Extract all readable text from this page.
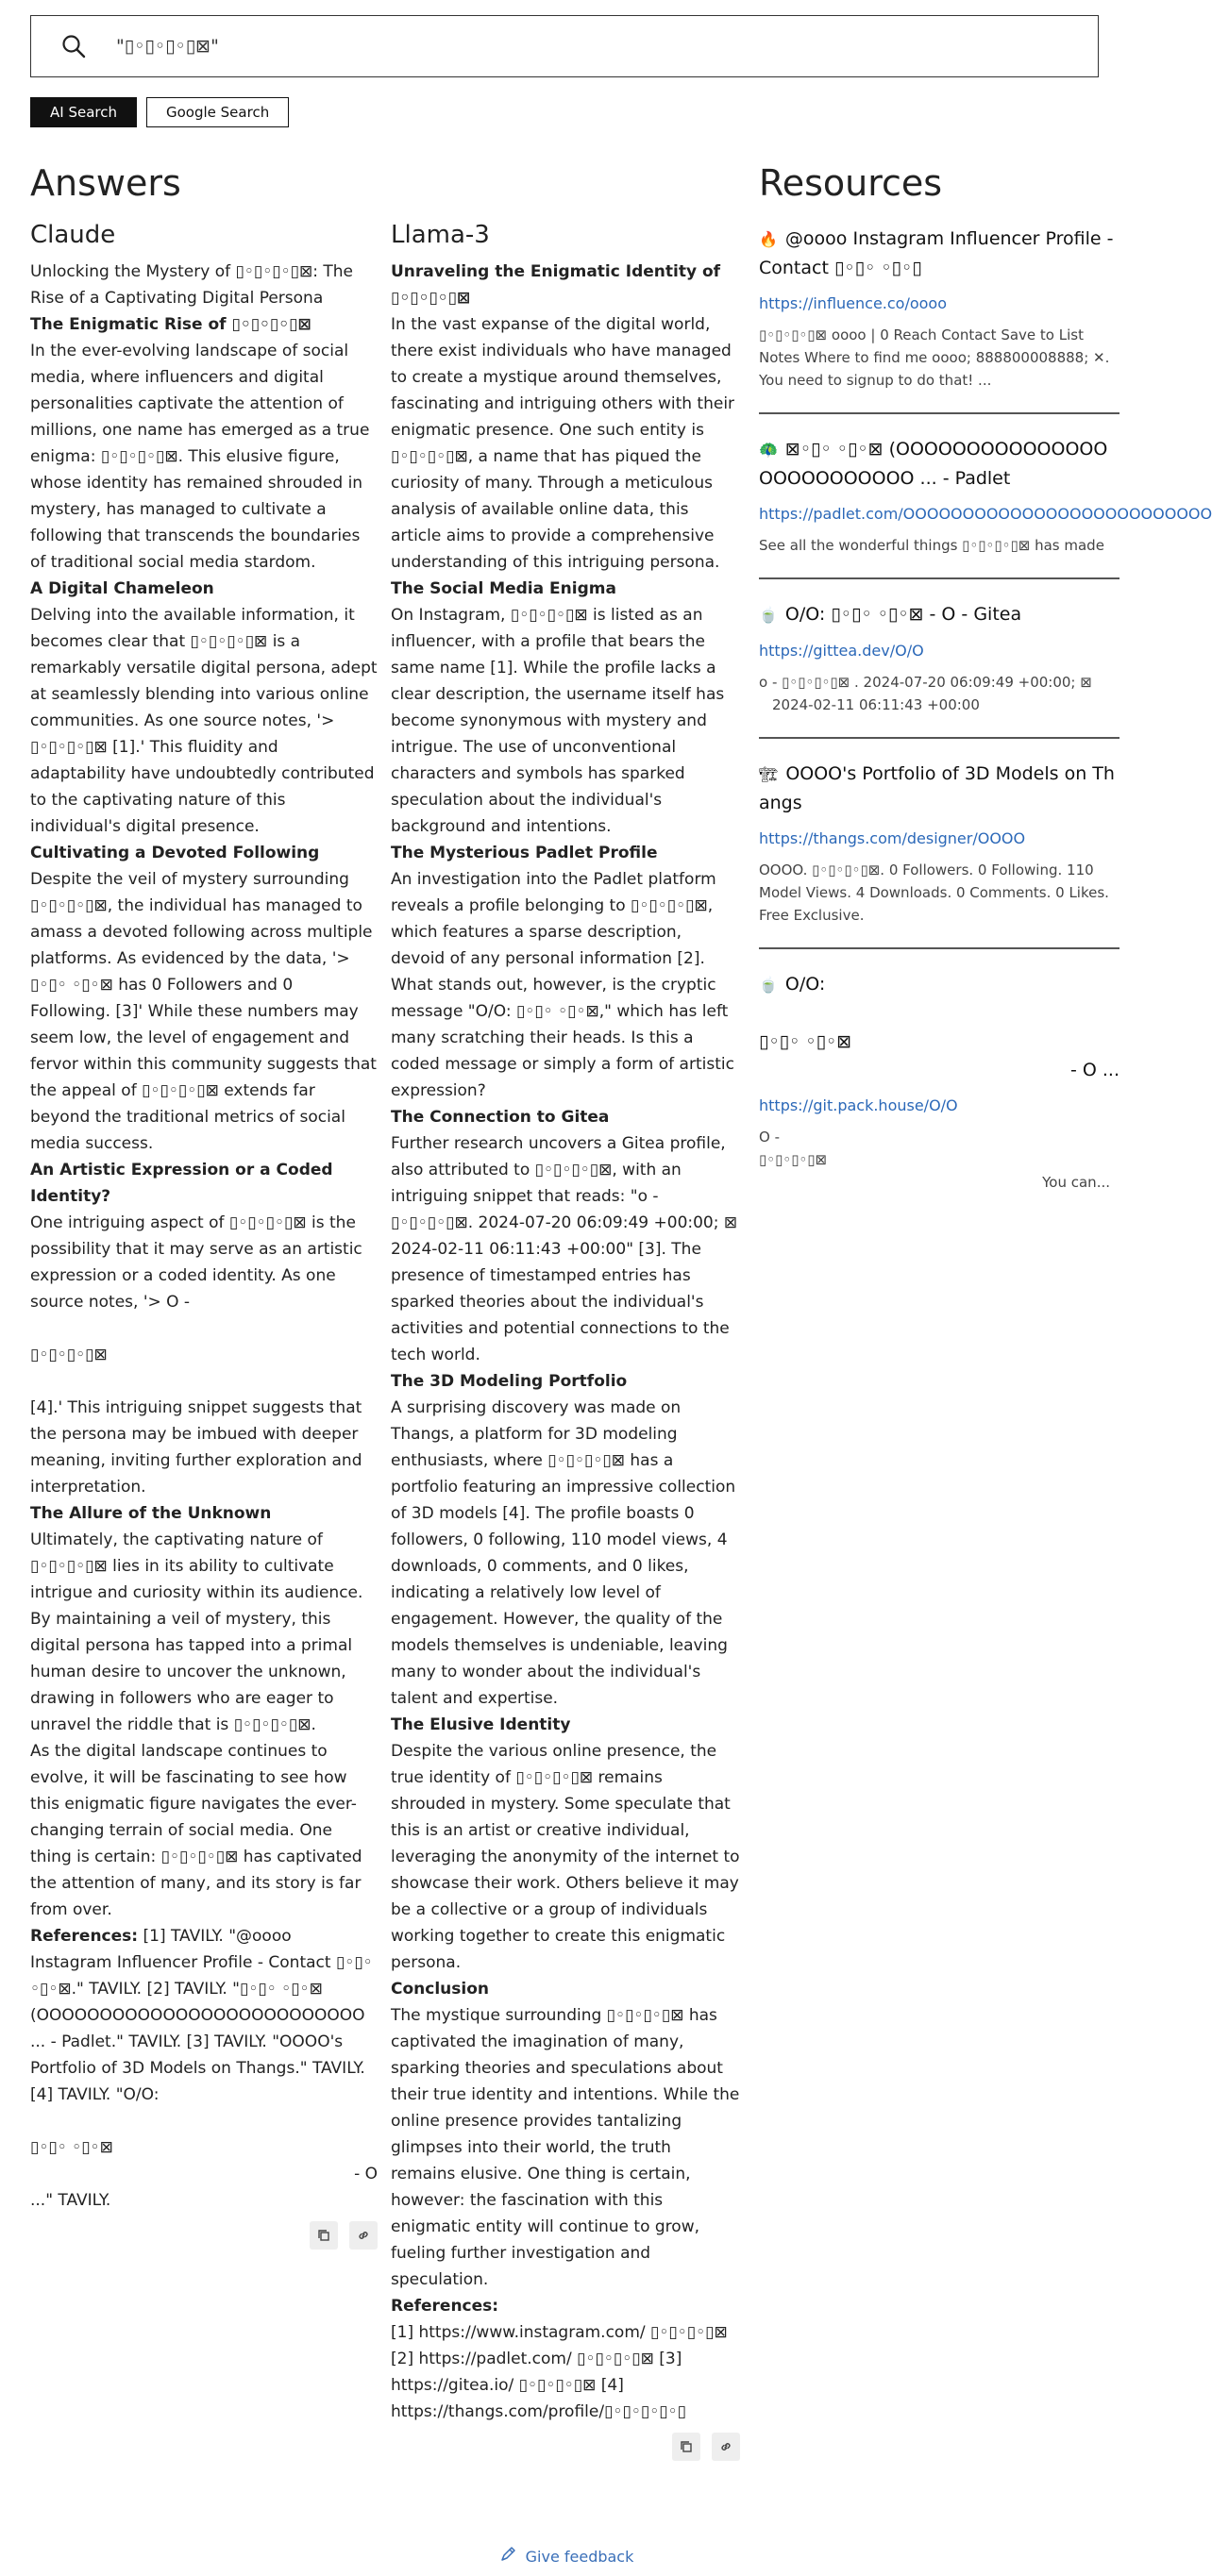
"▯◦▯◦▯◦▯⊠"
AI Search	Google Search
Answers	Resources
Claude

Unlocking the Mystery of ▯◦▯◦▯◦▯⊠: The Rise of a Captivating Digital Persona

The Enigmatic Rise of ▯◦▯◦▯◦▯⊠

In the ever-evolving landscape of social media, where influencers and digital personalities captivate the attention of millions, one name has emerged as a true enigma: ▯◦▯◦▯◦▯⊠. This elusive figure, whose identity has remained shrouded in mystery, has managed to cultivate a following that transcends the boundaries of traditional social media stardom.

A Digital Chameleon

Delving into the available information, it becomes clear that ▯◦▯◦▯◦▯⊠ is a remarkably versatile digital persona, adept at seamlessly blending into various online communities. As one source notes, '> ▯◦▯◦▯◦▯⊠ [1].' This fluidity and adaptability have undoubtedly contributed to the captivating nature of this individual's digital presence.

Cultivating a Devoted Following

Despite the veil of mystery surrounding ▯◦▯◦▯◦▯⊠, the individual has managed to amass a devoted following across multiple platforms. As evidenced by the data, '> ▯◦▯◦ ◦▯◦⊠ has 0 Followers and 0 Following. [3]' While these numbers may seem low, the level of engagement and fervor within this community suggests that the appeal of ▯◦▯◦▯◦▯⊠ extends far beyond the traditional metrics of social media success.

An Artistic Expression or a Coded Identity?

One intriguing aspect of ▯◦▯◦▯◦▯⊠ is the possibility that it may serve as an artistic expression or a coded identity. As one source notes, '> O -

▯◦▯◦▯◦▯⊠

[4].' This intriguing snippet suggests that the persona may be imbued with deeper meaning, inviting further exploration and interpretation.

The Allure of the Unknown

Ultimately, the captivating nature of ▯◦▯◦▯◦▯⊠ lies in its ability to cultivate intrigue and curiosity within its audience. By maintaining a veil of mystery, this digital persona has tapped into a primal human desire to uncover the unknown, drawing in followers who are eager to unravel the riddle that is ▯◦▯◦▯◦▯⊠.

As the digital landscape continues to evolve, it will be fascinating to see how this enigmatic figure navigates the ever-changing terrain of social media. One thing is certain: ▯◦▯◦▯◦▯⊠ has captivated the attention of many, and its story is far from over.

References: [1] TAVILY. "@oooo Instagram Influencer Profile - Contact ▯◦▯◦ ◦▯◦⊠." TAVILY. [2] TAVILY. "▯◦▯◦ ◦▯◦⊠ (OOOOOOOOOOOOOOOOOOOOOOOOOO ... - Padlet." TAVILY. [3] TAVILY. "OOOO's Portfolio of 3D Models on Thangs." TAVILY. [4] TAVILY. "O/O:

▯◦▯◦ ◦▯◦⊠

- O

..." TAVILY.

Llama-3

Unraveling the Enigmatic Identity of ▯◦▯◦▯◦▯⊠

In the vast expanse of the digital world, there exist individuals who have managed to create a mystique around themselves, fascinating and intriguing others with their enigmatic presence. One such entity is ▯◦▯◦▯◦▯⊠, a name that has piqued the curiosity of many. Through a meticulous analysis of available online data, this article aims to provide a comprehensive understanding of this intriguing persona.

The Social Media Enigma

On Instagram, ▯◦▯◦▯◦▯⊠ is listed as an influencer, with a profile that bears the same name [1]. While the profile lacks a clear description, the username itself has become synonymous with mystery and intrigue. The use of unconventional characters and symbols has sparked speculation about the individual's background and intentions.

The Mysterious Padlet Profile

An investigation into the Padlet platform reveals a profile belonging to ▯◦▯◦▯◦▯⊠, which features a sparse description, devoid of any personal information [2]. What stands out, however, is the cryptic message "O/O: ▯◦▯◦ ◦▯◦⊠," which has left many scratching their heads. Is this a coded message or simply a form of artistic expression?

The Connection to Gitea

Further research uncovers a Gitea profile, also attributed to ▯◦▯◦▯◦▯⊠, with an intriguing snippet that reads: "o - ▯◦▯◦▯◦▯⊠. 2024-07-20 06:09:49 +00:00; ⊠ 2024-02-11 06:11:43 +00:00" [3]. The presence of timestamped entries has sparked theories about the individual's activities and potential connections to the tech world.

The 3D Modeling Portfolio

A surprising discovery was made on Thangs, a platform for 3D modeling enthusiasts, where ▯◦▯◦▯◦▯⊠ has a portfolio featuring an impressive collection of 3D models [4]. The profile boasts 0 followers, 0 following, 110 model views, 4 downloads, 0 comments, and 0 likes, indicating a relatively low level of engagement. However, the quality of the models themselves is undeniable, leaving many to wonder about the individual's talent and expertise.

The Elusive Identity

Despite the various online presence, the true identity of ▯◦▯◦▯◦▯⊠ remains shrouded in mystery. Some speculate that this is an artist or creative individual, leveraging the anonymity of the internet to showcase their work. Others believe it may be a collective or a group of individuals working together to create this enigmatic persona.

Conclusion

The mystique surrounding ▯◦▯◦▯◦▯⊠ has captivated the imagination of many, sparking theories and speculations about their true identity and intentions. While the online presence provides tantalizing glimpses into their world, the truth remains elusive. One thing is certain, however: the fascination with this enigmatic entity will continue to grow, fueling further investigation and speculation.

References:

[1] https://www.instagram.com/ ▯◦▯◦▯◦▯⊠ [2] https://padlet.com/ ▯◦▯◦▯◦▯⊠ [3] https://gitea.io/ ▯◦▯◦▯◦▯⊠ [4] https://thangs.com/profile/▯◦▯◦▯◦▯◦▯

🔥 @oooo Instagram Influencer Profile - Contact ▯◦▯◦ ◦▯◦▯
https://influence.co/oooo
▯◦▯◦▯◦▯⊠ oooo | 0 Reach Contact Save to List Notes Where to find me oooo; 888800008888; ✕. You need to signup to do that! ...
🦚 ⊠◦▯◦ ◦▯◦⊠ (OOOOOOOOOOOOOOOOOOOOOOOOOO ... - Padlet
https://padlet.com/OOOOOOOOOOOOOOOOOOOOOOOOOO
See all the wonderful things ▯◦▯◦▯◦▯⊠ has made
🍵 O/O: ▯◦▯◦ ◦▯◦⊠ - O - Gitea
https://gittea.dev/O/O
o - ▯◦▯◦▯◦▯⊠ . 2024-07-20 06:09:49 +00:00; ⊠
2024-02-11 06:11:43 +00:00
🏗 OOOO's Portfolio of 3D Models on Thangs
https://thangs.com/designer/OOOO
OOOO. ▯◦▯◦▯◦▯⊠. 0 Followers. 0 Following. 110 Model Views. 4 Downloads. 0 Comments. 0 Likes. Free Exclusive.
🍵 O/O:
▯◦▯◦ ◦▯◦⊠
- O ...
https://git.pack.house/O/O
O -
▯◦▯◦▯◦▯⊠
You can...
Give feedback
